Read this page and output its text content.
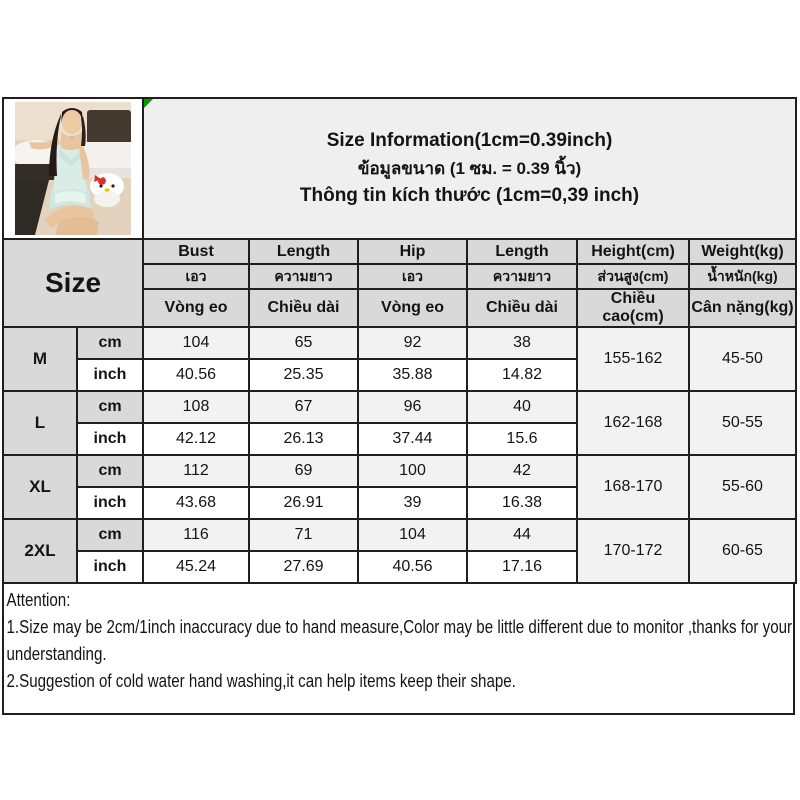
Size Information(1cm=0.39inch)
ข้อมูลขนาด (1 ซม. = 0.39 นิ้ว)
Thông tin kích thước (1cm=0,39 inch)					

Size		Bust	Length	Hip	Length	Height(cm)	Weight(kg)
		เอว	ความยาว	เอว	ความยาว	ส่วนสูง(cm)	น้ำหนัก(kg)
		Vòng eo	Chiều dài	Vòng eo	Chiều dài	Chiều cao(cm)	Cân nặng(kg)
M	cm	104	65	92	38	155-162	45-50
	inch	40.56	25.35	35.88	14.82		
L	cm	108	67	96	40	162-168	50-55
	inch	42.12	26.13	37.44	15.6		
XL	cm	112	69	100	42	168-170	55-60
	inch	43.68	26.91	39	16.38		
2XL	cm	116	71	104	44	170-172	60-65
	inch	45.24	27.69	40.56	17.16		
Attention:
1.Size may be 2cm/1inch inaccuracy due to hand measure,Color may be little different due to monitor ,thanks for your
understanding.
2.Suggestion of cold water hand washing,it can help items keep their shape.
